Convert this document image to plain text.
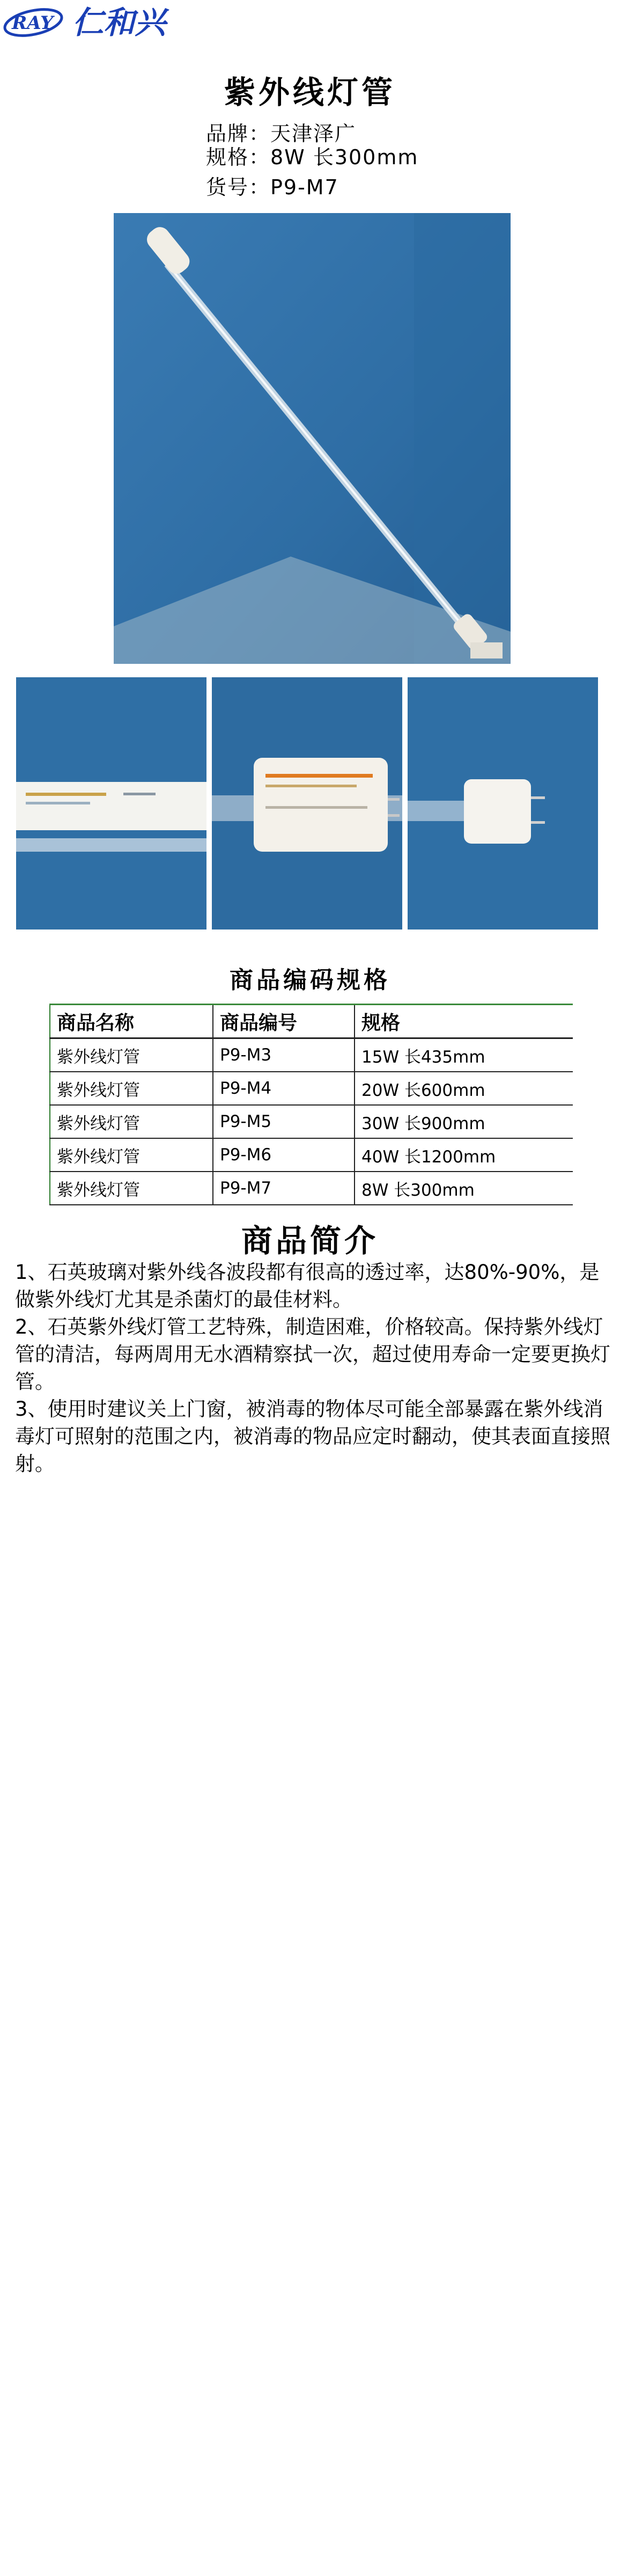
RAY 仁和兴
紫外线灯管

品牌：天津泽广

规格：8W 长300mm

货号：P9-M7

商品编码规格
商品名称	商品编号	规格
紫外线灯管	P9-M3	15W 长435mm
紫外线灯管	P9-M4	20W 长600mm
紫外线灯管	P9-M5	30W 长900mm
紫外线灯管	P9-M6	40W 长1200mm
紫外线灯管	P9-M7	8W 长300mm
商品简介

1、石英玻璃对紫外线各波段都有很高的透过率，达80%-90%，是做紫外线灯尤其是杀菌灯的最佳材料。

2、石英紫外线灯管工艺特殊，制造困难，价格较高。保持紫外线灯管的清洁，每两周用无水酒精察拭一次，超过使用寿命一定要更换灯管。

3、使用时建议关上门窗，被消毒的物体尽可能全部暴露在紫外线消毒灯可照射的范围之内，被消毒的物品应定时翻动，使其表面直接照射。
